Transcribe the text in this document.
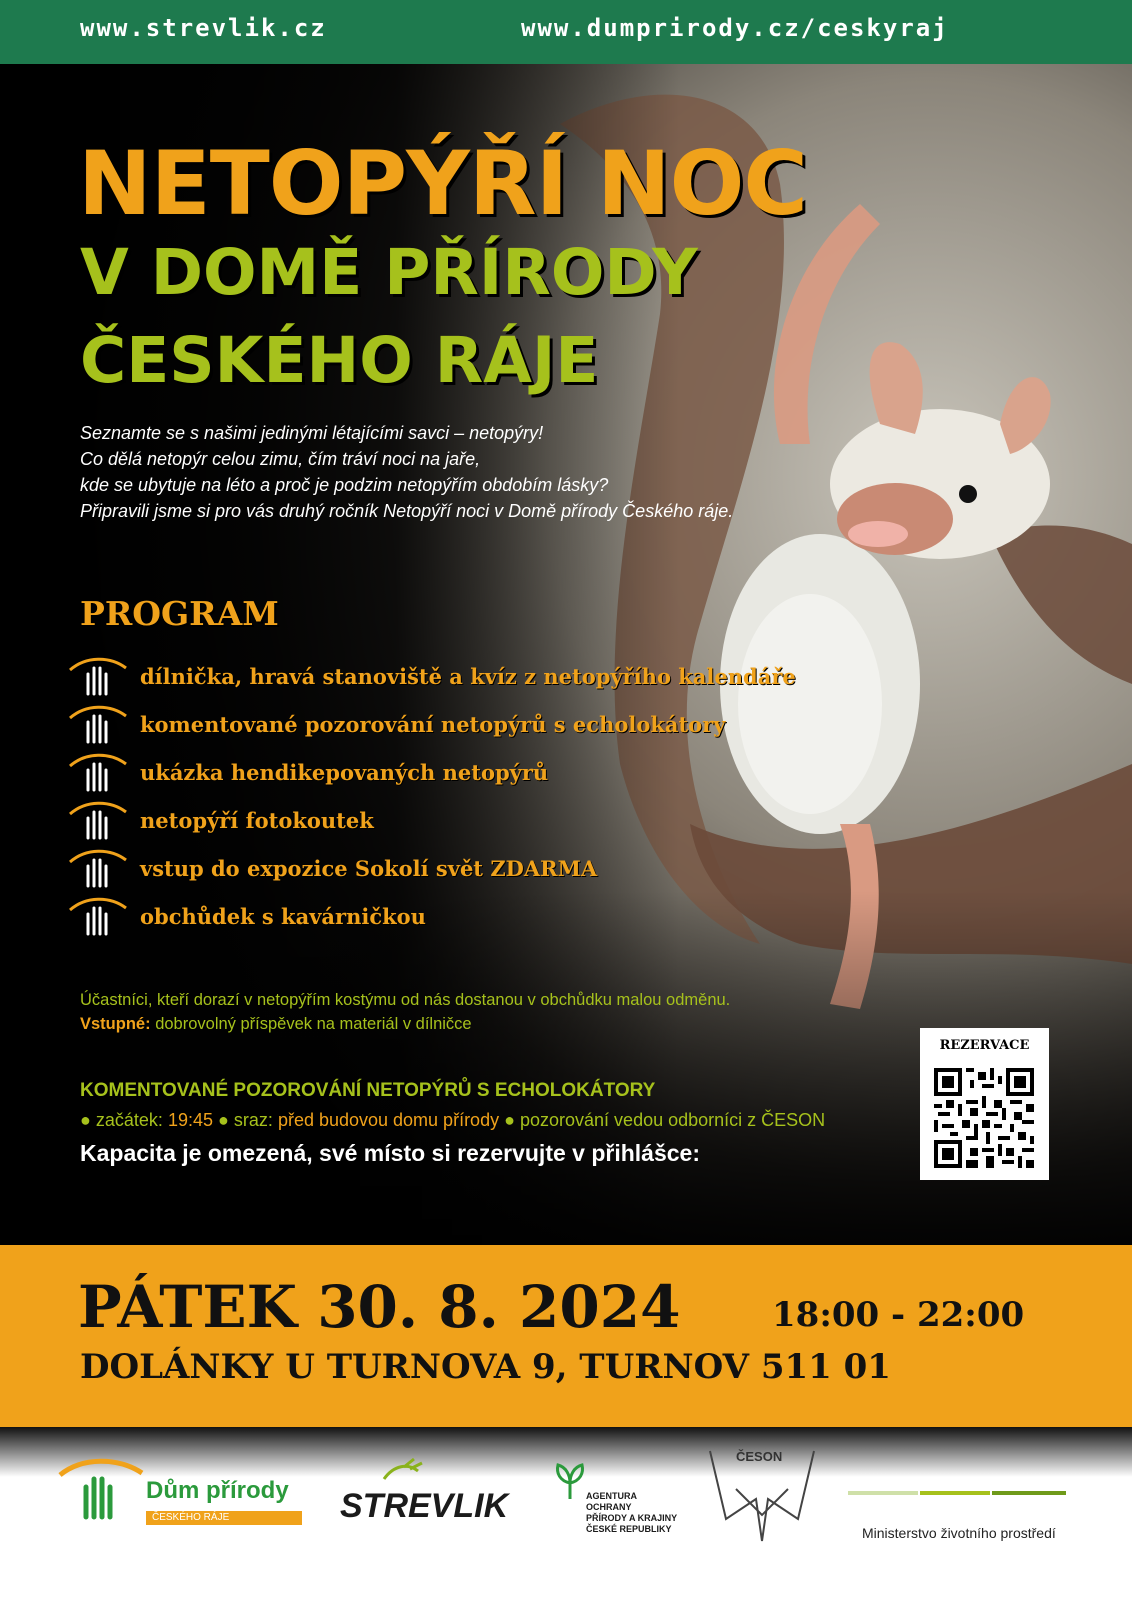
www.strevlik.cz	www.dumprirody.cz/ceskyraj
NETOPÝŘÍ NOC
V DOMĚ PŘÍRODY
ČESKÉHO RÁJE
Seznamte se s našimi jedinými létajícími savci – netopýry!
Co dělá netopýr celou zimu, čím tráví noci na jaře,
kde se ubytuje na léto a proč je podzim netopýřím obdobím lásky?
Připravili jsme si pro vás druhý ročník Netopýří noci v Domě přírody Českého ráje.
PROGRAM
dílnička, hravá stanoviště a kvíz z netopýřího kalendáře
komentované pozorování netopýrů s echolokátory
ukázka hendikepovaných netopýrů
netopýří fotokoutek
vstup do expozice Sokolí svět ZDARMA
obchůdek s kavárničkou
Účastníci, kteří dorazí v netopýřím kostýmu od nás dostanou v obchůdku malou odměnu.
Vstupné: dobrovolný příspěvek na materiál v dílničce
KOMENTOVANÉ POZOROVÁNÍ NETOPÝRŮ S ECHOLOKÁTORY
● začátek: 19:45 ● sraz: před budovou domu přírody ● pozorování vedou odborníci z ČESON
Kapacita je omezená, své místo si rezervujte v přihlášce:
REZERVACE
PÁTEK 30. 8. 2024	18:00 - 22:00
DOLÁNKY U TURNOVA 9, TURNOV 511 01
Dům přírody
ČESKÉHO RÁJE	STREVLIK	AGENTURA OCHRANY
PŘÍRODY A KRAJINY
ČESKÉ REPUBLIKY
ČESON
Ministerstvo životního prostředí
